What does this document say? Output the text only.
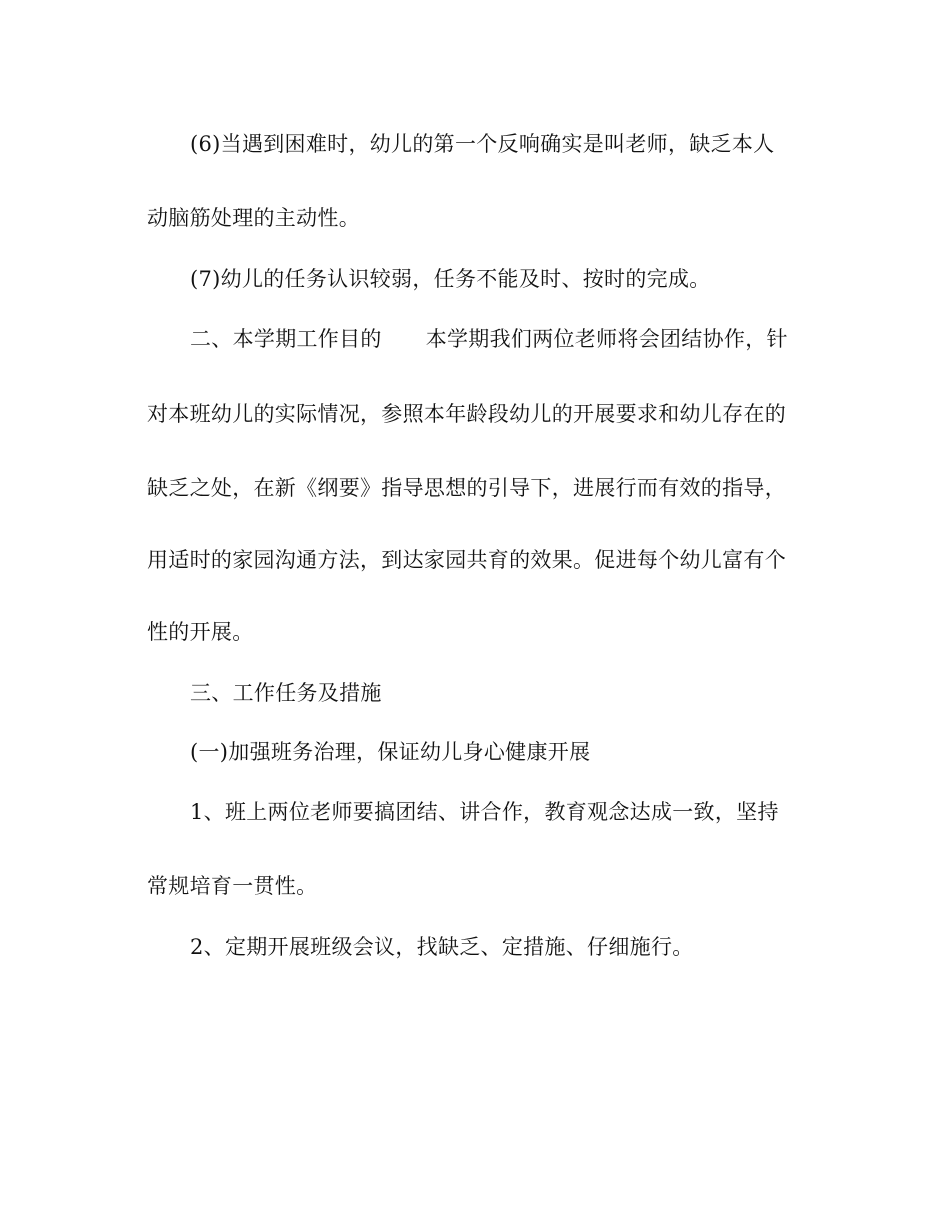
(6)当遇到困难时，幼儿的第一个反响确实是叫老师，缺乏本人
动脑筋处理的主动性。
(7)幼儿的任务认识较弱，任务不能及时、按时的完成。
二、本学期工作目的 本学期我们两位老师将会团结协作，针
对本班幼儿的实际情况，参照本年龄段幼儿的开展要求和幼儿存在的
缺乏之处，在新《纲要》指导思想的引导下，进展行而有效的指导，
用适时的家园沟通方法，到达家园共育的效果。促进每个幼儿富有个
性的开展。
三、工作任务及措施
(一)加强班务治理，保证幼儿身心健康开展
1、班上两位老师要搞团结、讲合作，教育观念达成一致，坚持
常规培育一贯性。
2、定期开展班级会议，找缺乏、定措施、仔细施行。
